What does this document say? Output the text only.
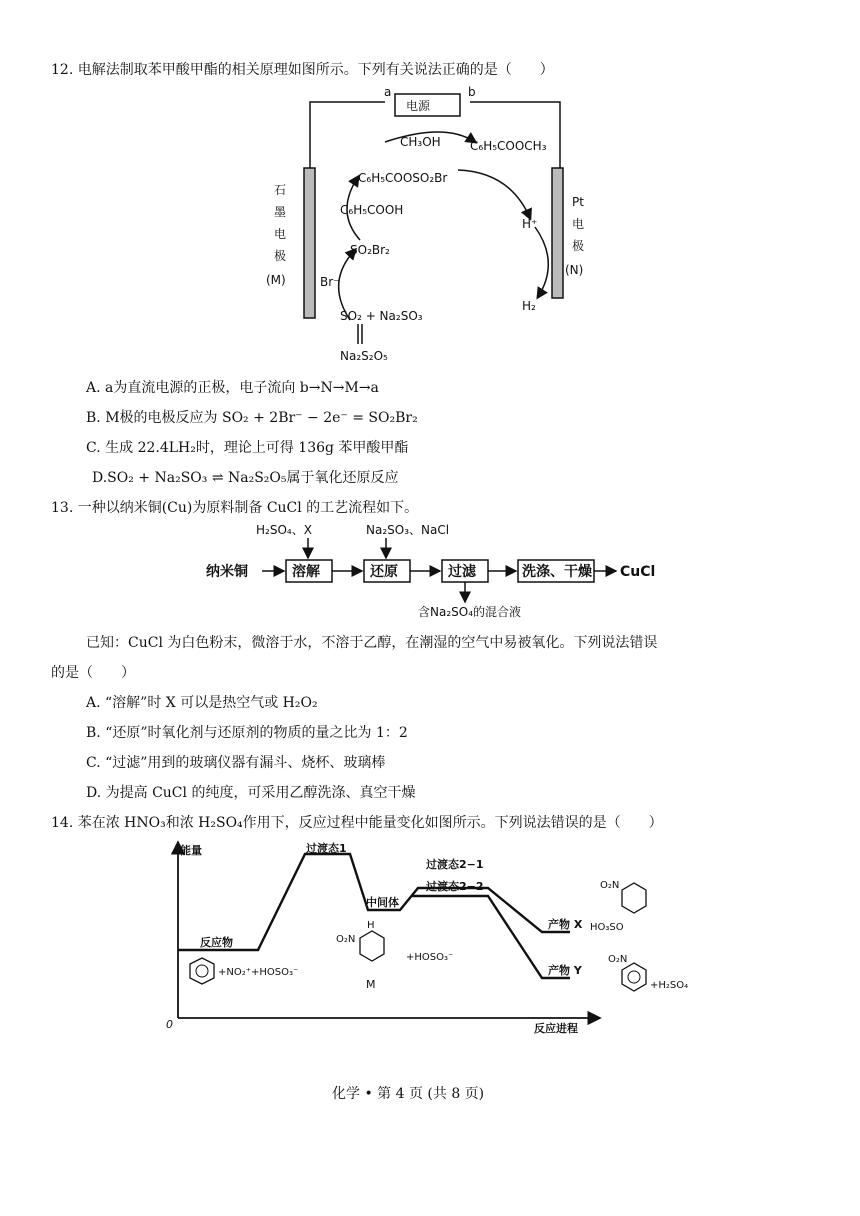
12. 电解法制取苯甲酸甲酯的相关原理如图所示。下列有关说法正确的是（　　）
a	b
电源
CH₃OH C₆H₅COOCH₃
C₆H₅COOSO₂Br
C₆H₅COOH
SO₂Br₂
Br⁻
SO₂ + Na₂SO₃
Na₂S₂O₅
H⁺
H₂
石
墨
电
极
(M)
Pt
电
极
(N)
A. a为直流电源的正极，电子流向 b→N→M→a
B. M极的电极反应为 SO₂ + 2Br⁻ − 2e⁻ = SO₂Br₂
C. 生成 22.4LH₂时，理论上可得 136g 苯甲酸甲酯
D.SO₂ + Na₂SO₃ ⇌ Na₂S₂O₅属于氧化还原反应
13. 一种以纳米铜(Cu)为原料制备 CuCl 的工艺流程如下。
纳米铜	溶解	还原	过滤	洗涤、干燥 CuCl
H₂SO₄、X	Na₂SO₃、NaCl
含Na₂SO₄的混合液
已知：CuCl 为白色粉末，微溶于水，不溶于乙醇，在潮湿的空气中易被氧化。下列说法错误
的是（　　）
A. “溶解”时 X 可以是热空气或 H₂O₂
B. “还原”时氧化剂与还原剂的物质的量之比为 1：2
C. “过滤”用到的玻璃仪器有漏斗、烧杯、玻璃棒
D. 为提高 CuCl 的纯度，可采用乙醇洗涤、真空干燥
14. 苯在浓 HNO₃和浓 H₂SO₄作用下，反应过程中能量变化如图所示。下列说法错误的是（　　）
能量
0	反应进程
反应物
过渡态1
中间体
过渡态2−1
过渡态2−2
产物 X
产物 Y
+NO₂⁺+HOSO₃⁻
O₂N
H
+HOSO₃⁻
M
O₂N
HO₃SO
O₂N
+H₂SO₄
化学 • 第 4 页 (共 8 页)
